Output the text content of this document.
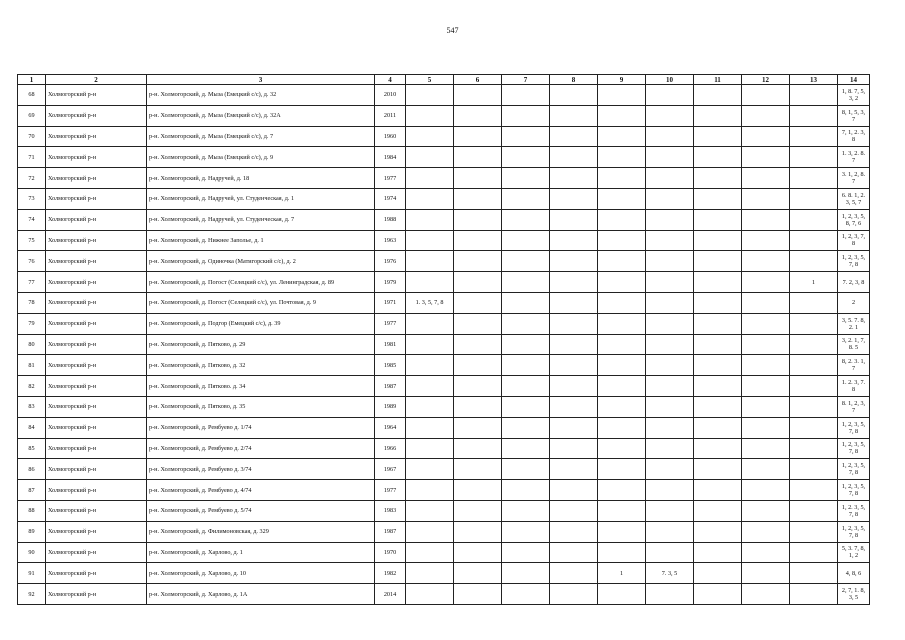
547
1	2	3	4	5	6	7	8	9	10	11	12	13	14
68	Холмогорский р-н	р-н. Холмогорский, д. Мыза (Емецкий с/с), д. 32	2010										1, 8. 7, 5, 3, 2
69	Холмогорский р-н	р-н. Холмогорский, д. Мыза (Емецкий с/с), д. 32А	2011										8, 1, 5, 3, 7
70	Холмогорский р-н	р-н. Холмогорский, д. Мыза (Емецкий с/с), д. 7	1960										7, 1, 2. 3, 8
71	Холмогорский р-н	р-н. Холмогорский, д. Мыза (Емецкий с/с), д. 9	1984										1. 3, 2. 8. 7
72	Холмогорский р-н	р-н. Холмогорский, д. Надручей, д. 18	1977										3. 1, 2, 8. 7
73	Холмогорский р-н	р-н. Холмогорский, д. Надручей, ул. Студенческая, д. 1	1974										6. 8. 1, 2. 3, 5, 7
74	Холмогорский р-н	р-н. Холмогорский, д. Надручей, ул. Студенческая, д. 7	1988										1, 2, 3, 5, 8, 7, 6
75	Холмогорский р-н	р-н. Холмогорский, д. Нижнее Заполье, д. 1	1963										1, 2, 3, 7, 8
76	Холмогорский р-н	р-н. Холмогорский, д. Одиночка (Матигорский с/с), д. 2	1976										1, 2, 3, 5, 7, 8
77	Холмогорский р-н	р-н. Холмогорский, д. Погост (Селецкий с/с), ул. Ленинградская, д. 89	1979									1	7. 2, 3, 8
78	Холмогорский р-н	р-н. Холмогорский, д. Погост (Селецкий с/с), ул. Почтовая, д. 9	1971	1. 3, 5, 7, 8									2
79	Холмогорский р-н	р-н. Холмогорский, д. Подгор (Емецкий с/с), д. 39	1977										3, 5. 7. 8, 2. 1
80	Холмогорский р-н	р-н. Холмогорский, д. Пятково, д. 29	1981										3, 2. 1, 7, 8. 5
81	Холмогорский р-н	р-н. Холмогорский, д. Пятково, д. 32	1985										8, 2. 3. 1, 7
82	Холмогорский р-н	р-н. Холмогорский, д. Пятково. д. 34	1987										1. 2. 3, 7. 8
83	Холмогорский р-н	р-н. Холмогорский, д. Пятково, д. 35	1989										8. 1, 2, 3, 7
84	Холмогорский р-н	р-н. Холмогорский, д. Рембуево д. 1/74	1964										1, 2, 3, 5, 7, 8
85	Холмогорский р-н	р-н. Холмогорский, д. Рембуево д. 2/74	1966										1, 2, 3, 5, 7, 8
86	Холмогорский р-н	р-н. Холмогорский, д. Рембуево д. 3/74	1967										1, 2, 3, 5, 7, 8
87	Холмогорский р-н	р-н. Холмогорский, д. Рембуево д. 4/74	1977										1, 2, 3, 5, 7, 8
88	Холмогорский р-н	р-н. Холмогорский, д. Рембуево д. 5/74	1983										1, 2. 3, 5, 7, 8
89	Холмогорский р-н	р-н. Холмогорский, д. Филимоновская, д. 329	1987										1, 2, 3, 5, 7, 8
90	Холмогорский р-н	р-н. Холмогорский, д. Харлово, д. 1	1970										5, 3. 7, 8, 1, 2
91	Холмогорский р-н	р-н. Холмогорский, д. Харлово, д. 10	1982					1	7. 3, 5				4, 8, 6
92	Холмогорский р-н	р-н. Холмогорский, д. Харлово, д. 1А	2014										2, 7, 1. 8, 3, 5
